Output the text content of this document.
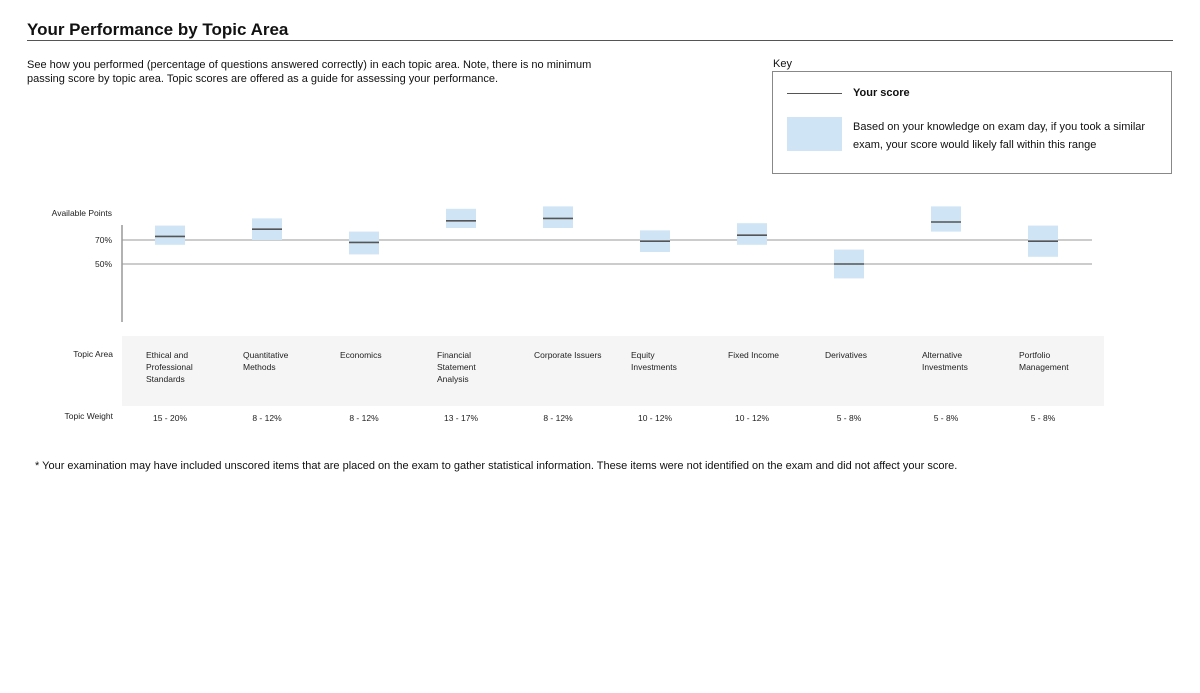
Your Performance by Topic Area

See how you performed (percentage of questions answered correctly) in each topic area. Note, there is no minimum passing score by topic area. Topic scores are offered as a guide for assessing your performance.

Key
Your score
Based on your knowledge on exam day, if you took a similar exam, your score would likely fall within this range
Available Points
70%
50%
Ethical and
Professional
Standards
15 - 20%
Quantitative
Methods
8 - 12%
Economics
8 - 12%
Financial
Statement
Analysis
13 - 17%
Corporate Issuers
8 - 12%
Equity
Investments
10 - 12%
Fixed Income
10 - 12%
Derivatives
5 - 8%
Alternative
Investments
5 - 8%
Portfolio
Management
5 - 8%
Topic Area
Topic Weight

* Your examination may have included unscored items that are placed on the exam to gather statistical information. These items were not identified on the exam and did not affect your score.
